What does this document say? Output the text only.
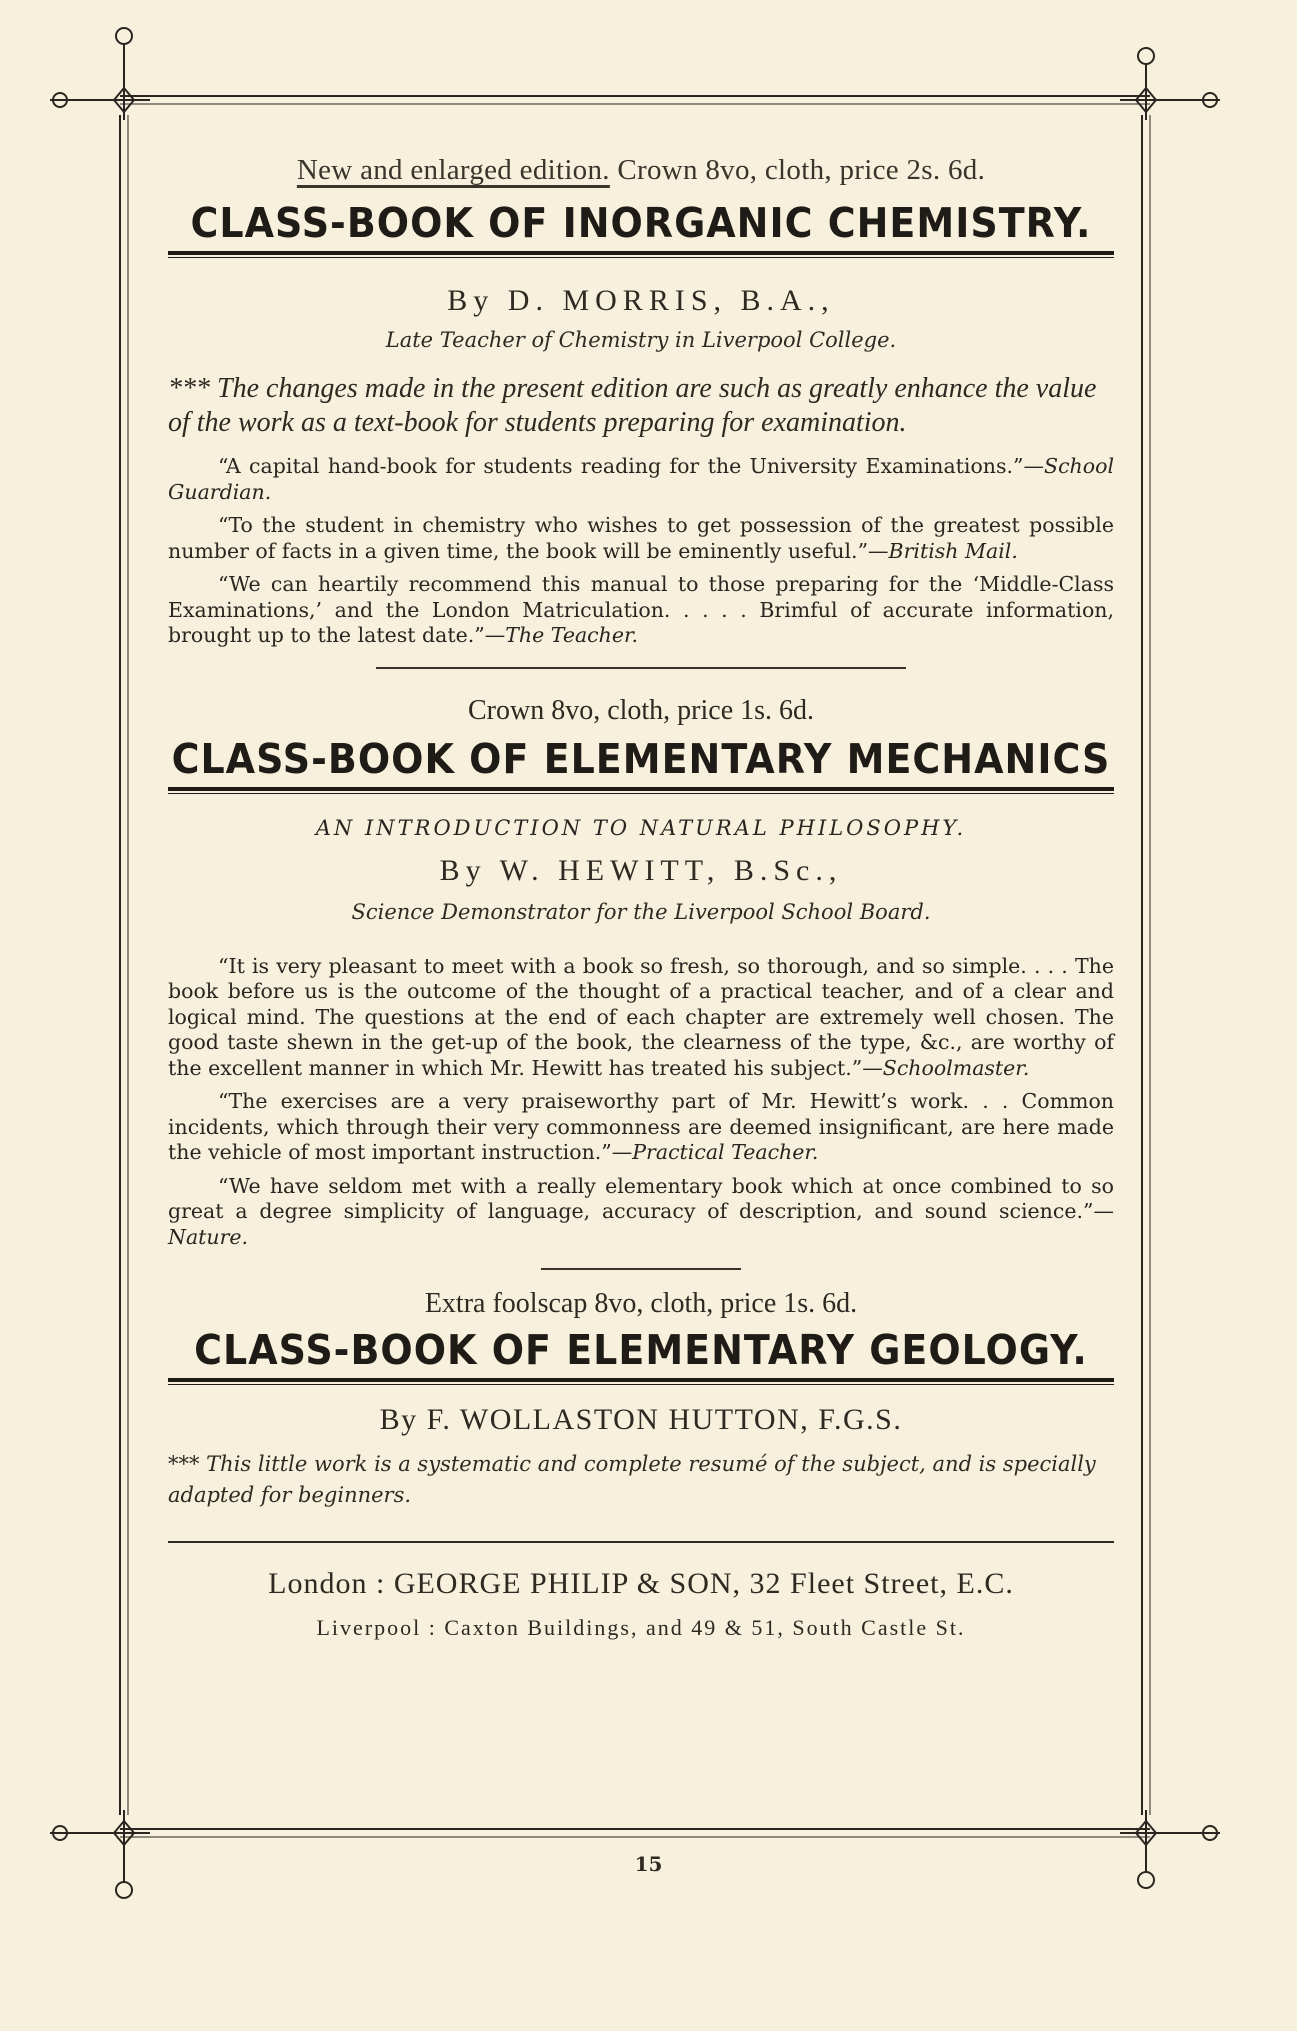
New and enlarged edition. Crown 8vo, cloth, price 2s. 6d.

CLASS-BOOK OF INORGANIC CHEMISTRY.

By D. MORRIS, B.A.,

Late Teacher of Chemistry in Liverpool College.

*** The changes made in the present edition are such as greatly enhance the value of the work as a text-book for students preparing for examination.

“A capital hand-book for students reading for the University Examinations.”—School Guardian.

“To the student in chemistry who wishes to get possession of the greatest possible number of facts in a given time, the book will be eminently useful.”—British Mail.

“We can heartily recommend this manual to those preparing for the ‘Middle-Class Examinations,’ and the London Matriculation. . . . . Brimful of accurate information, brought up to the latest date.”—The Teacher.

Crown 8vo, cloth, price 1s. 6d.

CLASS-BOOK OF ELEMENTARY MECHANICS

AN INTRODUCTION TO NATURAL PHILOSOPHY.

By W. HEWITT, B.Sc.,

Science Demonstrator for the Liverpool School Board.

“It is very pleasant to meet with a book so fresh, so thorough, and so simple. . . . The book before us is the outcome of the thought of a practical teacher, and of a clear and logical mind. The questions at the end of each chapter are extremely well chosen. The good taste shewn in the get-up of the book, the clearness of the type, &c., are worthy of the excellent manner in which Mr. Hewitt has treated his subject.”—Schoolmaster.

“The exercises are a very praiseworthy part of Mr. Hewitt’s work. . . Common incidents, which through their very commonness are deemed insignificant, are here made the vehicle of most important instruction.”—Practical Teacher.

“We have seldom met with a really elementary book which at once combined to so great a degree simplicity of language, accuracy of description, and sound science.”—Nature.

Extra foolscap 8vo, cloth, price 1s. 6d.

CLASS-BOOK OF ELEMENTARY GEOLOGY.

By F. WOLLASTON HUTTON, F.G.S.

*** This little work is a systematic and complete resumé of the subject, and is specially adapted for beginners.

London : GEORGE PHILIP & SON, 32 Fleet Street, E.C.

Liverpool : Caxton Buildings, and 49 & 51, South Castle St.

15
